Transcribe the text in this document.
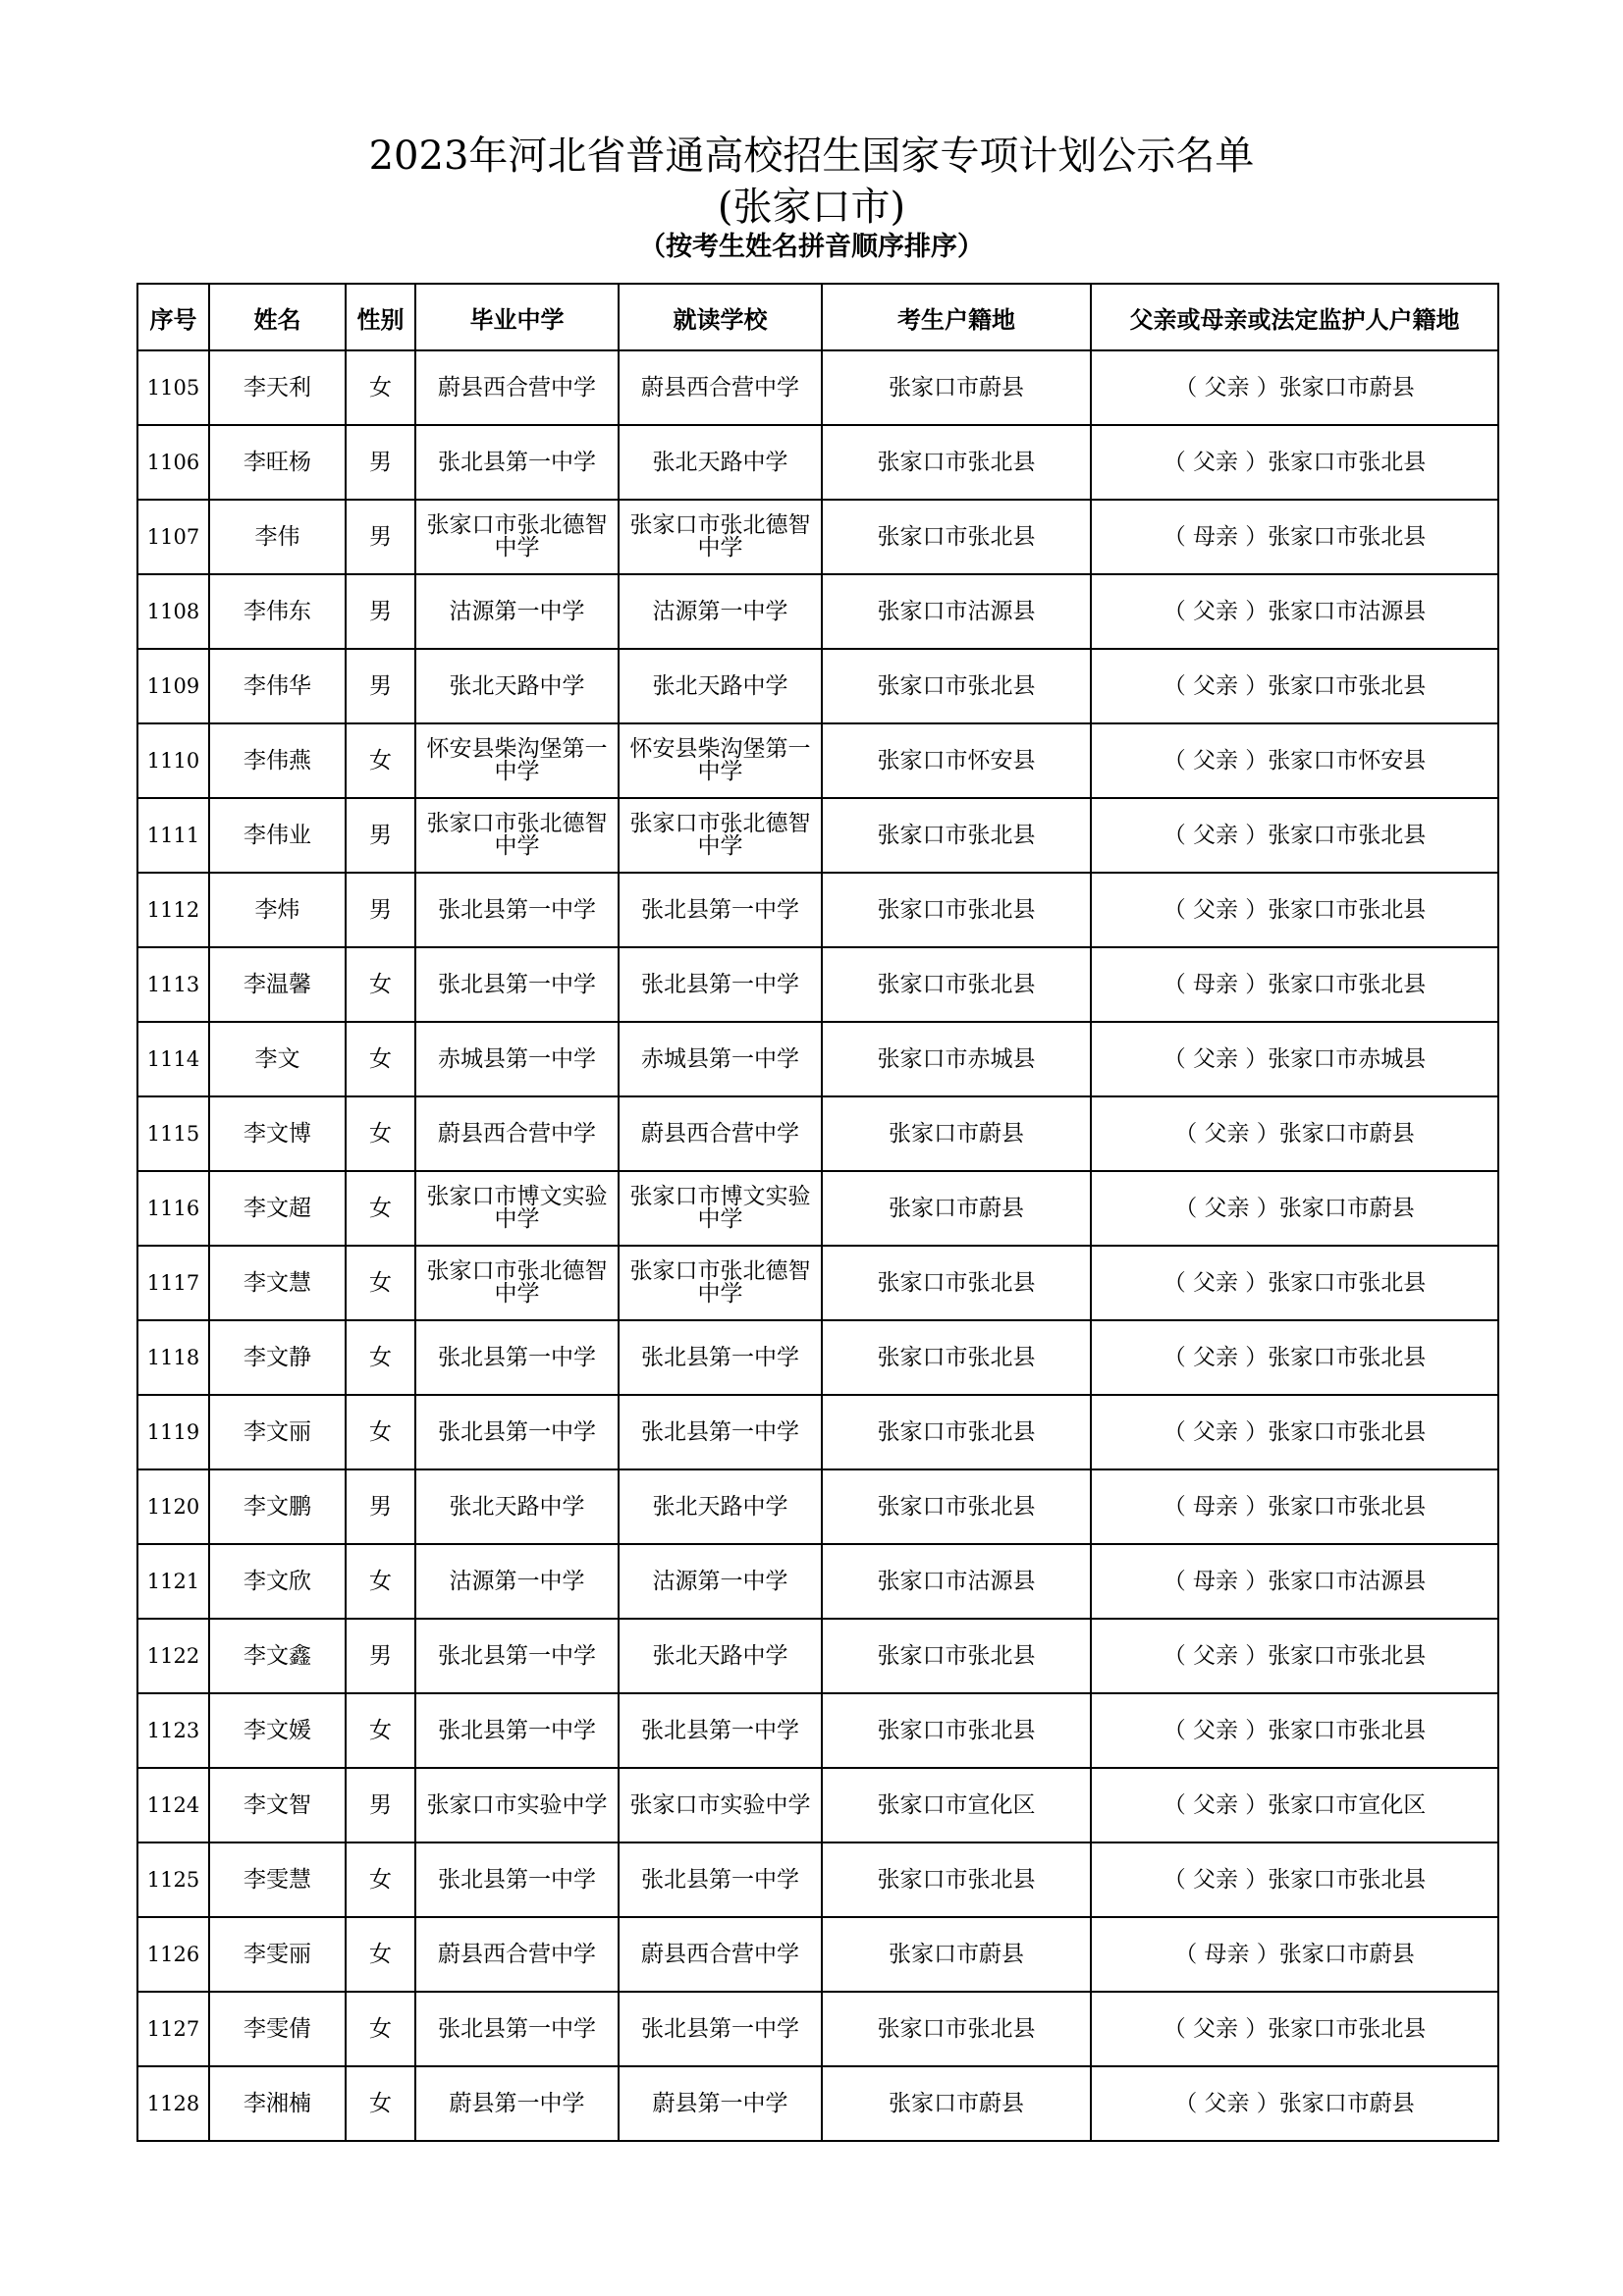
2023年河北省普通高校招生国家专项计划公示名单
(张家口市)
（按考生姓名拼音顺序排序）
序号	姓名	性别	毕业中学	就读学校	考生户籍地	父亲或母亲或法定监护人户籍地
1105	李天利	女	蔚县西合营中学	蔚县西合营中学	张家口市蔚县	（ 父亲 ）张家口市蔚县
1106	李旺杨	男	张北县第一中学	张北天路中学	张家口市张北县	（ 父亲 ）张家口市张北县
1107	李伟	男	张家口市张北德智中学	张家口市张北德智中学	张家口市张北县	（ 母亲 ）张家口市张北县
1108	李伟东	男	沽源第一中学	沽源第一中学	张家口市沽源县	（ 父亲 ）张家口市沽源县
1109	李伟华	男	张北天路中学	张北天路中学	张家口市张北县	（ 父亲 ）张家口市张北县
1110	李伟燕	女	怀安县柴沟堡第一中学	怀安县柴沟堡第一中学	张家口市怀安县	（ 父亲 ）张家口市怀安县
1111	李伟业	男	张家口市张北德智中学	张家口市张北德智中学	张家口市张北县	（ 父亲 ）张家口市张北县
1112	李炜	男	张北县第一中学	张北县第一中学	张家口市张北县	（ 父亲 ）张家口市张北县
1113	李温馨	女	张北县第一中学	张北县第一中学	张家口市张北县	（ 母亲 ）张家口市张北县
1114	李文	女	赤城县第一中学	赤城县第一中学	张家口市赤城县	（ 父亲 ）张家口市赤城县
1115	李文博	女	蔚县西合营中学	蔚县西合营中学	张家口市蔚县	（ 父亲 ）张家口市蔚县
1116	李文超	女	张家口市博文实验中学	张家口市博文实验中学	张家口市蔚县	（ 父亲 ）张家口市蔚县
1117	李文慧	女	张家口市张北德智中学	张家口市张北德智中学	张家口市张北县	（ 父亲 ）张家口市张北县
1118	李文静	女	张北县第一中学	张北县第一中学	张家口市张北县	（ 父亲 ）张家口市张北县
1119	李文丽	女	张北县第一中学	张北县第一中学	张家口市张北县	（ 父亲 ）张家口市张北县
1120	李文鹏	男	张北天路中学	张北天路中学	张家口市张北县	（ 母亲 ）张家口市张北县
1121	李文欣	女	沽源第一中学	沽源第一中学	张家口市沽源县	（ 母亲 ）张家口市沽源县
1122	李文鑫	男	张北县第一中学	张北天路中学	张家口市张北县	（ 父亲 ）张家口市张北县
1123	李文媛	女	张北县第一中学	张北县第一中学	张家口市张北县	（ 父亲 ）张家口市张北县
1124	李文智	男	张家口市实验中学	张家口市实验中学	张家口市宣化区	（ 父亲 ）张家口市宣化区
1125	李雯慧	女	张北县第一中学	张北县第一中学	张家口市张北县	（ 父亲 ）张家口市张北县
1126	李雯丽	女	蔚县西合营中学	蔚县西合营中学	张家口市蔚县	（ 母亲 ）张家口市蔚县
1127	李雯倩	女	张北县第一中学	张北县第一中学	张家口市张北县	（ 父亲 ）张家口市张北县
1128	李湘楠	女	蔚县第一中学	蔚县第一中学	张家口市蔚县	（ 父亲 ）张家口市蔚县
